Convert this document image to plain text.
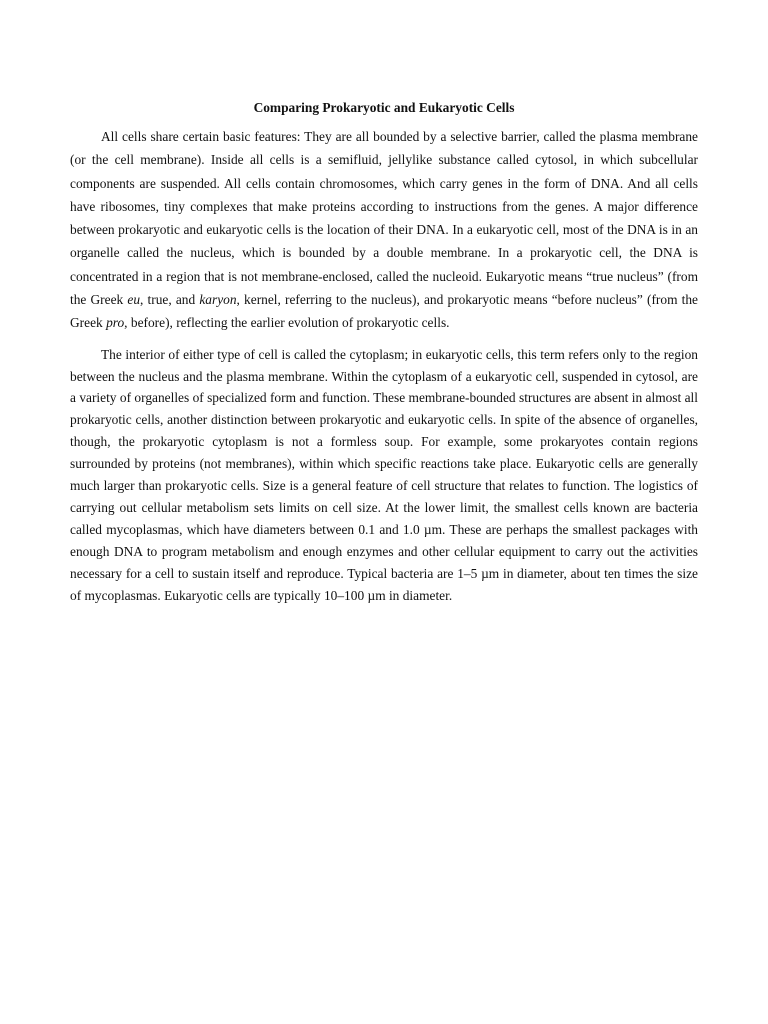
Comparing Prokaryotic and Eukaryotic Cells

All cells share certain basic features: They are all bounded by a selective barrier, called the plasma membrane (or the cell membrane). Inside all cells is a semifluid, jellylike substance called cytosol, in which subcellular components are suspended. All cells contain chromosomes, which carry genes in the form of DNA. And all cells have ribosomes, tiny complexes that make proteins according to instructions from the genes. A major difference between prokaryotic and eukaryotic cells is the location of their DNA. In a eukaryotic cell, most of the DNA is in an organelle called the nucleus, which is bounded by a double membrane. In a prokaryotic cell, the DNA is concentrated in a region that is not membrane-enclosed, called the nucleoid. Eukaryotic means “true nucleus” (from the Greek eu, true, and karyon, kernel, referring to the nucleus), and prokaryotic means “before nucleus” (from the Greek pro, before), reflecting the earlier evolution of prokaryotic cells.

The interior of either type of cell is called the cytoplasm; in eukaryotic cells, this term refers only to the region between the nucleus and the plasma membrane. Within the cytoplasm of a eukaryotic cell, suspended in cytosol, are a variety of organelles of specialized form and function. These membrane-bounded structures are absent in almost all prokaryotic cells, another distinction between prokaryotic and eukaryotic cells. In spite of the absence of organelles, though, the prokaryotic cytoplasm is not a formless soup. For example, some prokaryotes contain regions surrounded by proteins (not membranes), within which specific reactions take place. Eukaryotic cells are generally much larger than prokaryotic cells. Size is a general feature of cell structure that relates to function. The logistics of carrying out cellular metabolism sets limits on cell size. At the lower limit, the smallest cells known are bacteria called mycoplasmas, which have diameters between 0.1 and 1.0 µm. These are perhaps the smallest packages with enough DNA to program metabolism and enough enzymes and other cellular equipment to carry out the activities necessary for a cell to sustain itself and reproduce. Typical bacteria are 1–5 µm in diameter, about ten times the size of mycoplasmas. Eukaryotic cells are typically 10–100 µm in diameter.
